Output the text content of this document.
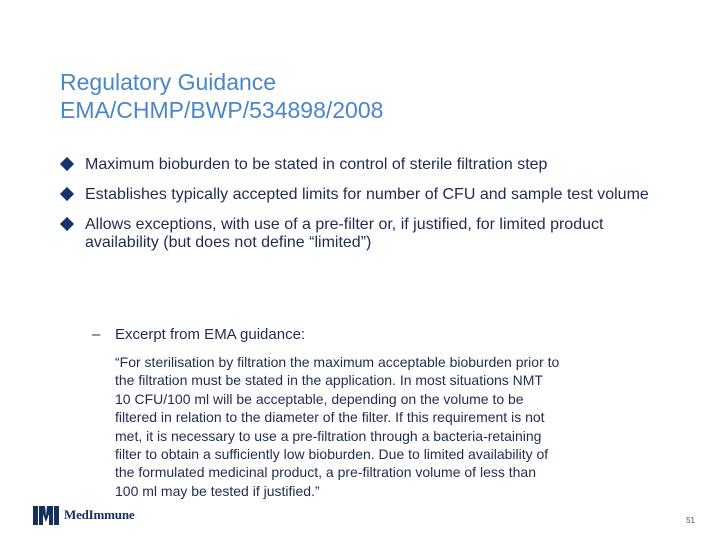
Regulatory Guidance
EMA/CHMP/BWP/534898/2008
Maximum bioburden to be stated in control of sterile filtration step
Establishes typically accepted limits for number of CFU and sample test volume
Allows exceptions, with use of a pre-filter or, if justified, for limited product availability (but does not define “limited”)
– Excerpt from EMA guidance:
“For sterilisation by filtration the maximum acceptable bioburden prior to
the filtration must be stated in the application. In most situations NMT
10 CFU/100 ml will be acceptable, depending on the volume to be
filtered in relation to the diameter of the filter. If this requirement is not
met, it is necessary to use a pre-filtration through a bacteria-retaining
filter to obtain a sufficiently low bioburden. Due to limited availability of
the formulated medicinal product, a pre-filtration volume of less than
100 ml may be tested if justified.”
MedImmune	51
